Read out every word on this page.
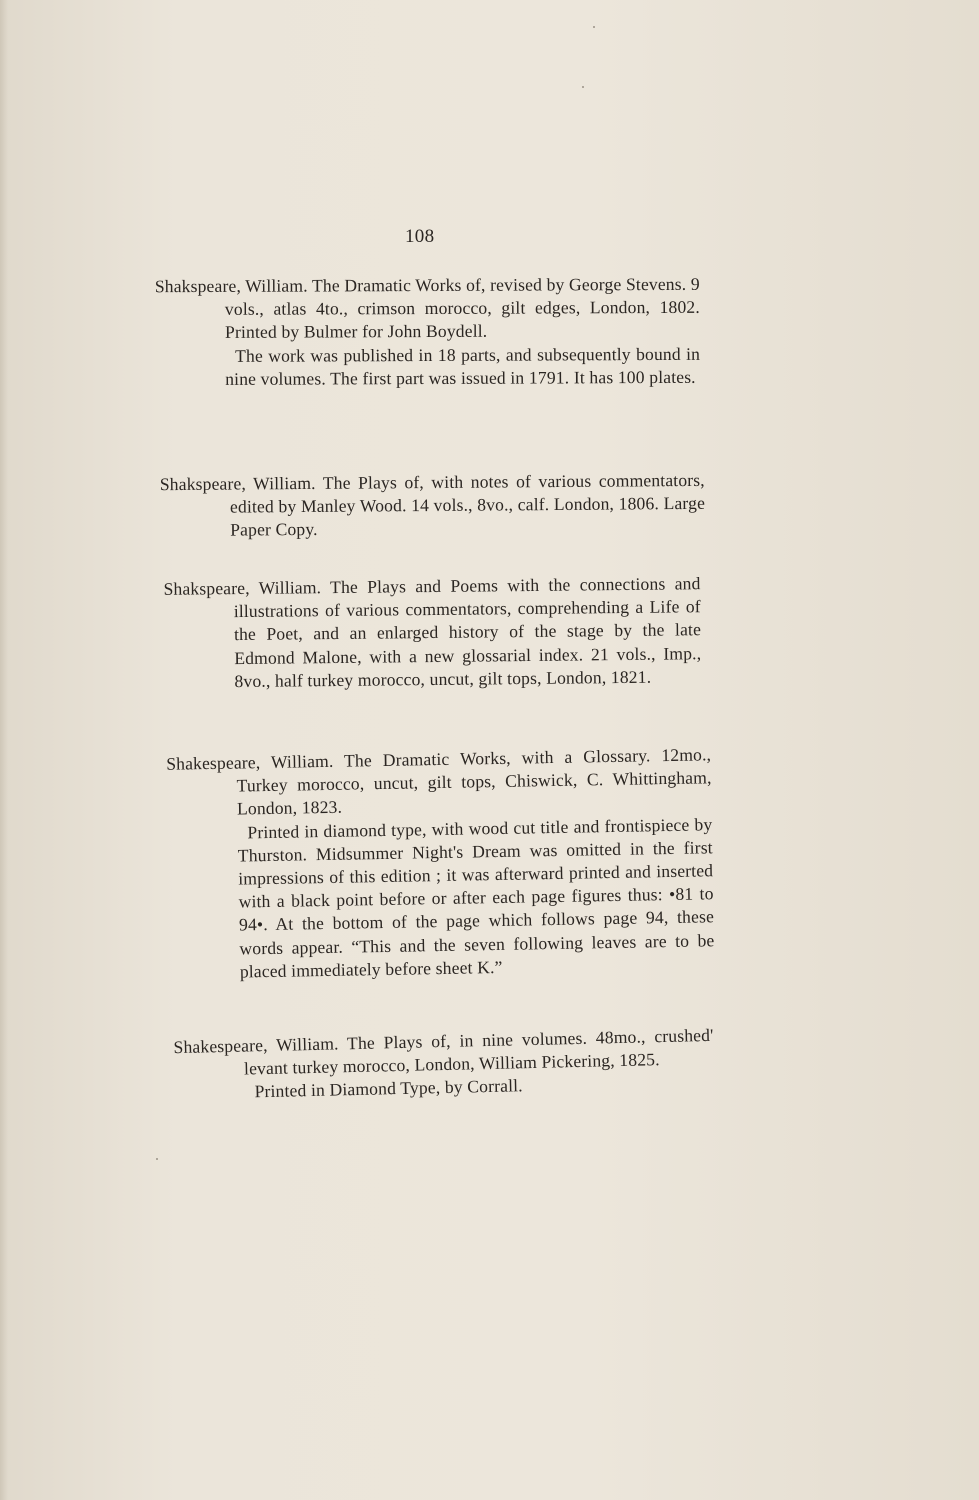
108

Shakspeare, William. The Dramatic Works of, revised by George Stevens. 9 vols., atlas 4to., crimson morocco, gilt edges, London, 1802. Printed by Bulmer for John Boydell.

The work was published in 18 parts, and subsequently bound in nine volumes. The first part was issued in 1791. It has 100 plates.

Shakspeare, William. The Plays of, with notes of various commentators, edited by Manley Wood. 14 vols., 8vo., calf. London, 1806. Large Paper Copy.

Shakspeare, William. The Plays and Poems with the connections and illustrations of various commentators, comprehending a Life of the Poet, and an enlarged history of the stage by the late Edmond Malone, with a new glossarial index. 21 vols., Imp., 8vo., half turkey morocco, uncut, gilt tops, London, 1821.

Shakespeare, William. The Dramatic Works, with a Glossary. 12mo., Turkey morocco, uncut, gilt tops, Chiswick, C. Whittingham, London, 1823.

Printed in diamond type, with wood cut title and frontispiece by Thurston. Midsummer Night's Dream was omitted in the first impressions of this edition ; it was afterward printed and inserted with a black point before or after each page figures thus: •81 to 94•. At the bottom of the page which follows page 94, these words appear. “This and the seven following leaves are to be placed immediately before sheet K.”

Shakespeare, William. The Plays of, in nine volumes. 48mo., crushed' levant turkey morocco, London, William Pickering, 1825.

Printed in Diamond Type, by Corrall.
